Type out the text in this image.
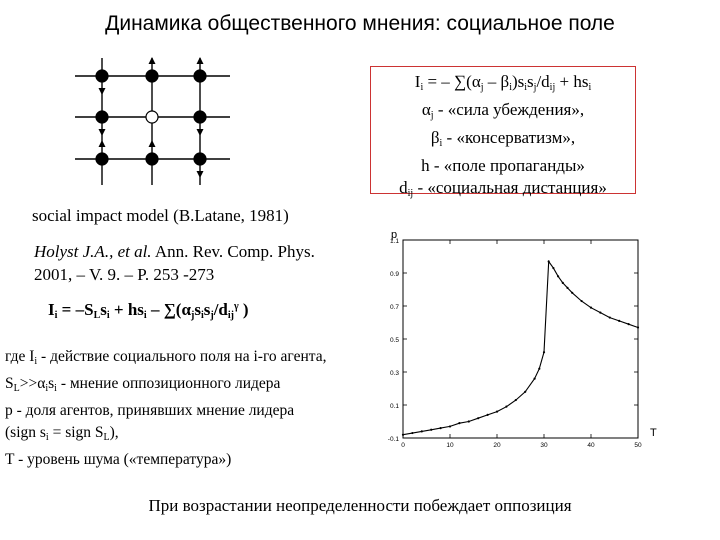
Динамика общественного мнения: социальное поле
Ii = – ∑(αj – βi)sisj/dij + hsi
αj - «сила убеждения»,
βi - «консерватизм»,
h - «поле пропаганды»
dij - «социальная дистанция»
social impact model (B.Latane, 1981)
Holyst J.A., et al. Ann. Rev. Comp. Phys.
2001, – V. 9. – P. 253 -273
Ii = –SLsi + hsi – ∑(αjsisj/dij$^\gamma$ )
где Ii - действие социального поля на i-го агента,
SL>>αisi - мнение оппозиционного лидера
p - доля агентов, принявших мнение лидера
(sign si = sign SL),
T - уровень шума («температура»)
p
T
1.1
0.9
0.7
0.5
0.3
0.1
-0.1
0	10	20	30	40	50
При возрастании неопределенности побеждает оппозиция
